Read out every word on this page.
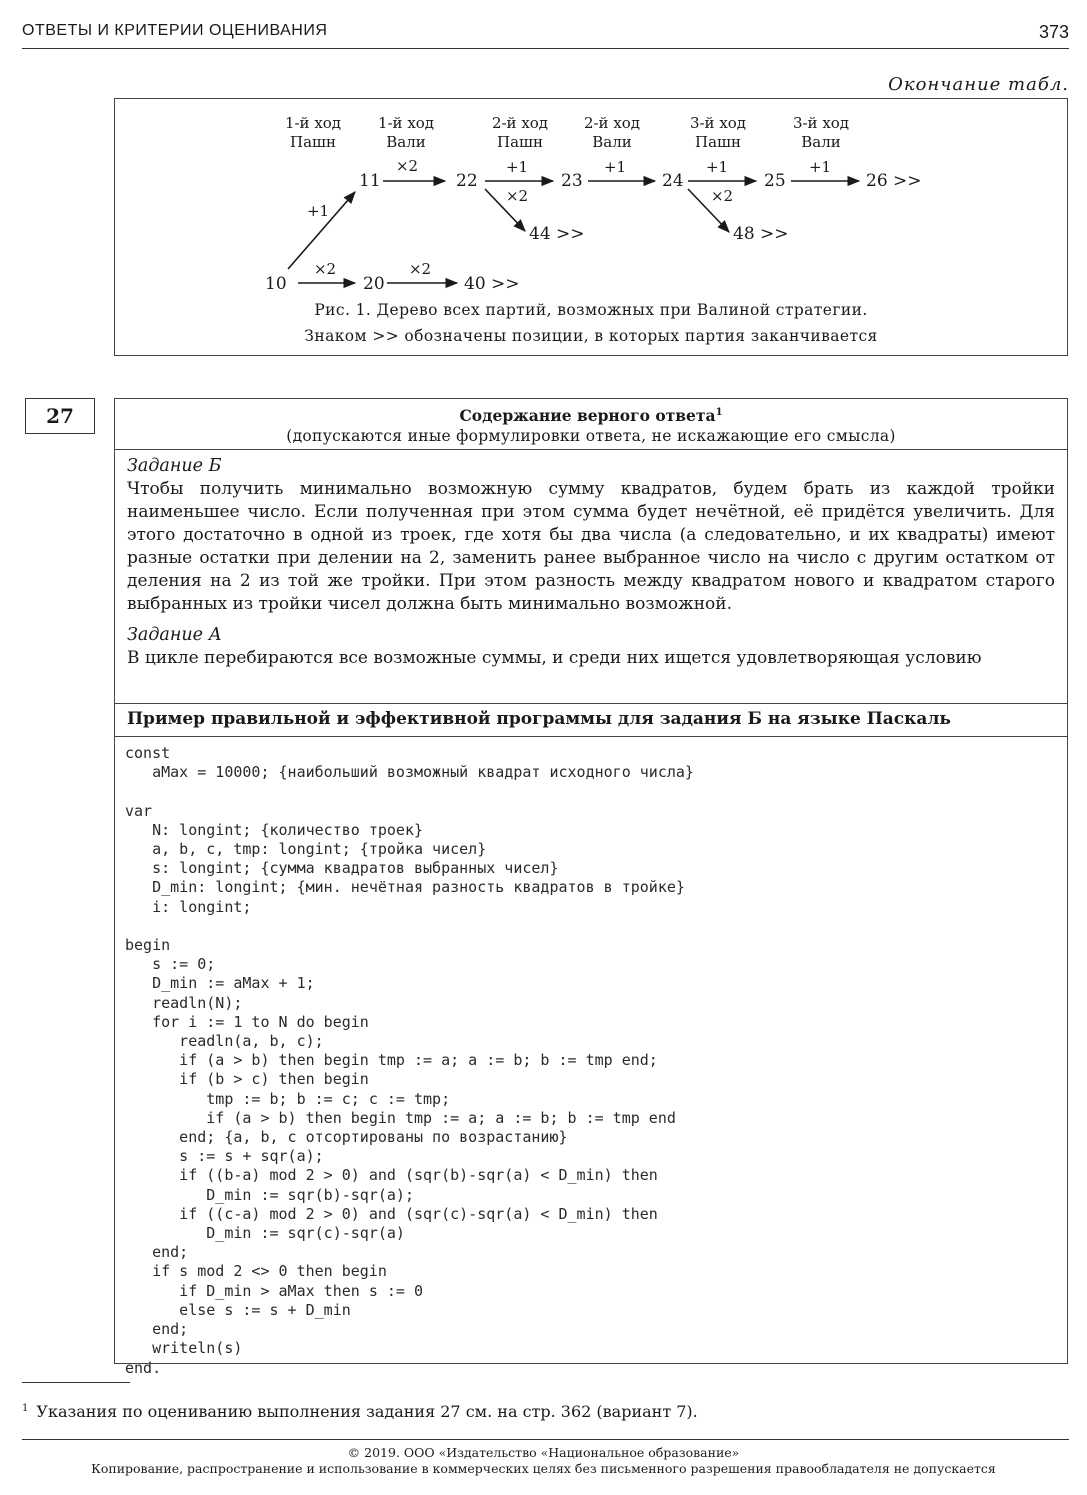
ОТВЕТЫ И КРИТЕРИИ ОЦЕНИВАНИЯ	373
Окончание табл.
1-й ход
Пашн
1-й ход
Вали
2-й ход
Пашн
2-й ход
Вали
3-й ход
Пашн
3-й ход
Вали
+1
×2	×2
×2	+1
×2
+1	+1
×2
+1
10
11
20	40 >>
22	23
44 >>
24	25
48 >>
26 >>
Рис. 1. Дерево всех партий, возможных при Валиной стратегии.
Знаком >> обозначены позиции, в которых партия заканчивается
27	Содержание верного ответа$^1$
(допускаются иные формулировки ответа, не искажающие его смысла)
Задание Б
Чтобы получить минимально возможную сумму квадратов, будем брать из каждой тройки наименьшее число. Если полученная при этом сумма будет нечётной, её придётся увеличить. Для этого достаточно в одной из троек, где хотя бы два числа (а следовательно, и их квадраты) имеют разные остатки при делении на 2, заменить ранее выбранное число на число с другим остатком от деления на 2 из той же тройки. При этом разность между квадратом нового и квадратом старого выбранных из тройки чисел должна быть минимально возможной.
Задание А
В цикле перебираются все возможные суммы, и среди них ищется удовлетворяющая условию
Пример правильной и эффективной программы для задания Б на языке Паскаль
const
aMax = 10000; {наибольший возможный квадрат исходного числа}

var
N: longint; {количество троек}
a, b, c, tmp: longint; {тройка чисел}
s: longint; {сумма квадратов выбранных чисел}
D_min: longint; {мин. нечётная разность квадратов в тройке}
i: longint;

begin
s := 0;
D_min := aMax + 1;
readln(N);
for i := 1 to N do begin
readln(a, b, c);
if (a > b) then begin tmp := a; a := b; b := tmp end;
if (b > c) then begin
tmp := b; b := c; c := tmp;
if (a > b) then begin tmp := a; a := b; b := tmp end
end; {a, b, c отсортированы по возрастанию}
s := s + sqr(a);
if ((b-a) mod 2 > 0) and (sqr(b)-sqr(a) < D_min) then
D_min := sqr(b)-sqr(a);
if ((c-a) mod 2 > 0) and (sqr(c)-sqr(a) < D_min) then
D_min := sqr(c)-sqr(a)
end;
if s mod 2 <> 0 then begin
if D_min > aMax then s := 0
else s := s + D_min
end;
writeln(s)
end.
$^1$ Указания по оцениванию выполнения задания 27 см. на стр. 362 (вариант 7).
© 2019. ООО «Издательство «Национальное образование»
Копирование, распространение и использование в коммерческих целях без письменного разрешения правообладателя не допускается
